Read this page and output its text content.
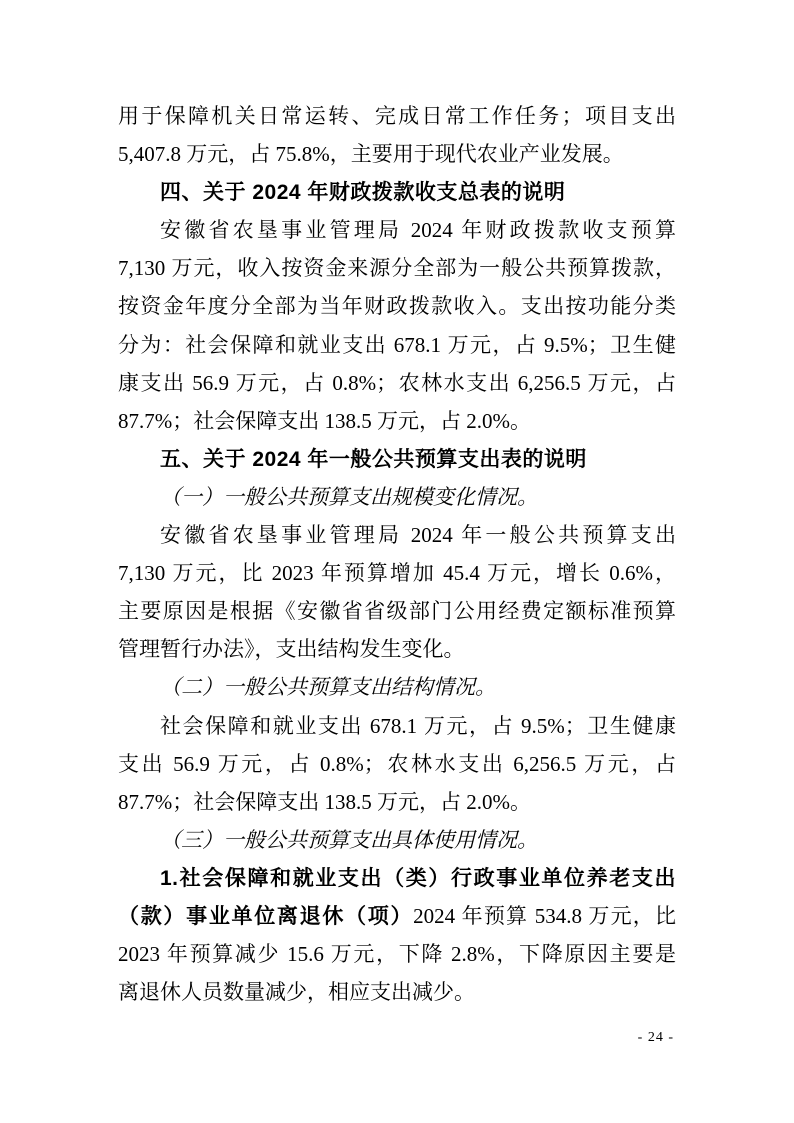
用于保障机关日常运转、完成日常工作任务；项目支出
5,407.8 万元，占 75.8%，主要用于现代农业产业发展。
四、关于 2024 年财政拨款收支总表的说明
安徽省农垦事业管理局 2024 年财政拨款收支预算
7,130 万元，收入按资金来源分全部为一般公共预算拨款，
按资金年度分全部为当年财政拨款收入。支出按功能分类
分为：社会保障和就业支出 678.1 万元，占 9.5%；卫生健
康支出 56.9 万元，占 0.8%；农林水支出 6,256.5 万元，占
87.7%；社会保障支出 138.5 万元，占 2.0%。
五、关于 2024 年一般公共预算支出表的说明
（一）一般公共预算支出规模变化情况。
安徽省农垦事业管理局 2024 年一般公共预算支出
7,130 万元，比 2023 年预算增加 45.4 万元，增长 0.6%，
主要原因是根据《安徽省省级部门公用经费定额标准预算
管理暂行办法》，支出结构发生变化。
（二）一般公共预算支出结构情况。
社会保障和就业支出 678.1 万元，占 9.5%；卫生健康
支出 56.9 万元，占 0.8%；农林水支出 6,256.5 万元，占
87.7%；社会保障支出 138.5 万元，占 2.0%。
（三）一般公共预算支出具体使用情况。
1.社会保障和就业支出（类）行政事业单位养老支出
（款）事业单位离退休（项）2024 年预算 534.8 万元，比
2023 年预算减少 15.6 万元，下降 2.8%，下降原因主要是
离退休人员数量减少，相应支出减少。
- 24 -
